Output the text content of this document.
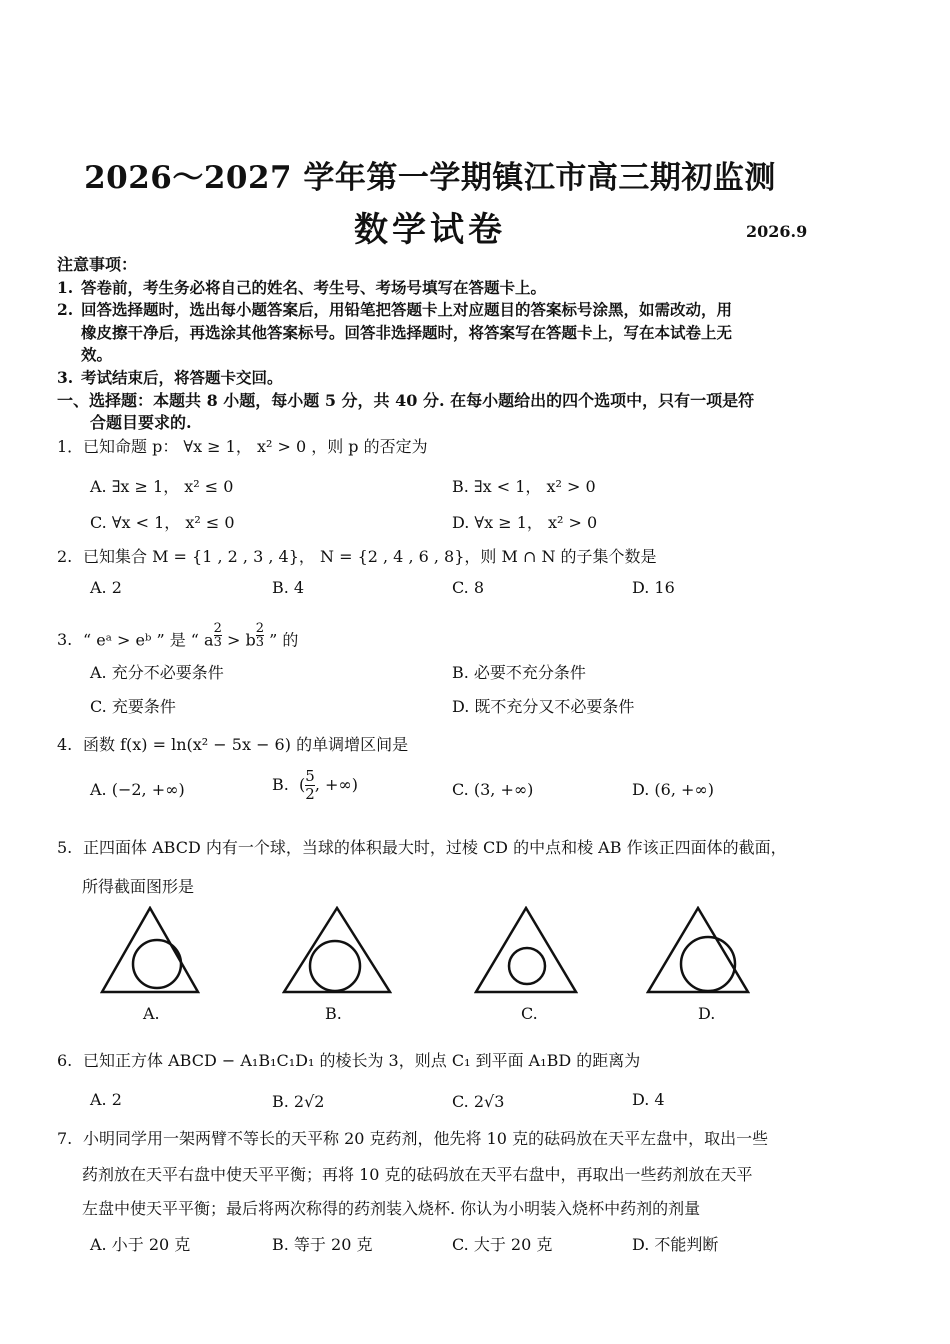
2026～2027 学年第一学期镇江市高三期初监测
数学试卷	2026.9
注意事项：
1. 答卷前，考生务必将自己的姓名、考生号、考场号填写在答题卡上。
2. 回答选择题时，选出每小题答案后，用铅笔把答题卡上对应题目的答案标号涂黑，如需改动，用
橡皮擦干净后，再选涂其他答案标号。回答非选择题时，将答案写在答题卡上，写在本试卷上无
效。
3. 考试结束后，将答题卡交回。
一、选择题：本题共 8 小题，每小题 5 分，共 40 分. 在每小题给出的四个选项中，只有一项是符
合题目要求的.
1．已知命题 p： ∀x ≥ 1， x² > 0 ，则 p 的否定为
A. ∃x ≥ 1， x² ≤ 0	B. ∃x < 1， x² > 0
C. ∀x < 1， x² ≤ 0	D. ∀x ≥ 1， x² > 0
2. 已知集合 M = {1 , 2 , 3 , 4}， N = {2 , 4 , 6 , 8}，则 M ∩ N 的子集个数是
A. 2	B. 4	C. 8	D. 16
3. “ eᵃ > eᵇ ” 是 “ a $^{\frac{2}{3}}$ > b $^{\frac{2}{3}}$ ” 的
A. 充分不必要条件	B. 必要不充分条件
C. 充要条件	D. 既不充分又不必要条件
4. 函数 f(x) = ln(x² − 5x − 6) 的单调增区间是
A. (−2, +∞)	B. ( $\frac{5}{2}$ , +∞)	C. (3, +∞)	D. (6, +∞)
5. 正四面体 ABCD 内有一个球，当球的体积最大时，过棱 CD 的中点和棱 AB 作该正四面体的截面，
所得截面图形是
A.	B.	C.	D.
6. 已知正方体 ABCD − A₁B₁C₁D₁ 的棱长为 3，则点 C₁ 到平面 A₁BD 的距离为
A. 2	B. 2√2	C. 2√3	D. 4
7. 小明同学用一架两臂不等长的天平称 20 克药剂，他先将 10 克的砝码放在天平左盘中，取出一些
药剂放在天平右盘中使天平平衡；再将 10 克的砝码放在天平右盘中，再取出一些药剂放在天平
左盘中使天平平衡；最后将两次称得的药剂装入烧杯. 你认为小明装入烧杯中药剂的剂量
A. 小于 20 克	B. 等于 20 克	C. 大于 20 克	D. 不能判断
